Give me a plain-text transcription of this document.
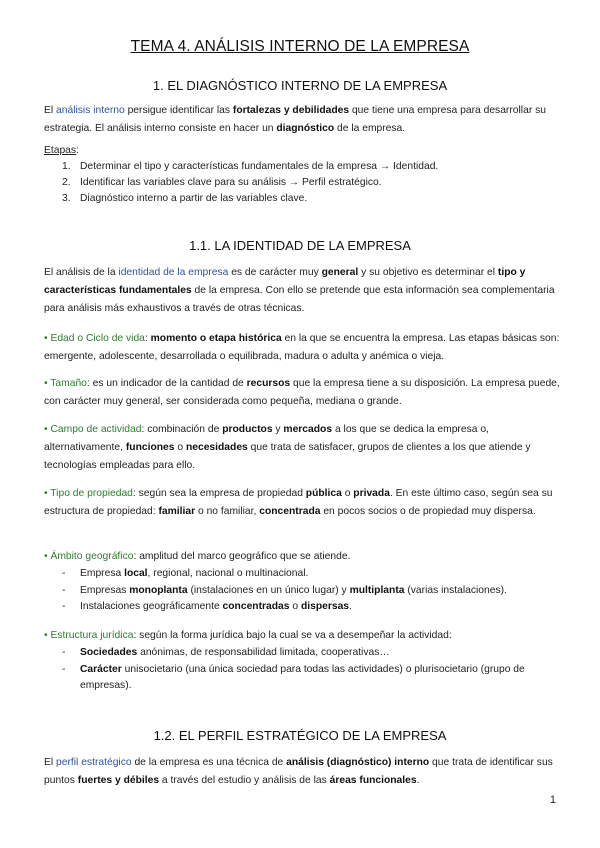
TEMA 4. ANÁLISIS INTERNO DE LA EMPRESA
1. EL DIAGNÓSTICO INTERNO DE LA EMPRESA
El análisis interno persigue identificar las fortalezas y debilidades que tiene una empresa para desarrollar su estrategia. El análisis interno consiste en hacer un diagnóstico de la empresa.
Etapas:
1. Determinar el tipo y características fundamentales de la empresa → Identidad.
2. Identificar las variables clave para su análisis → Perfil estratégico.
3. Diagnóstico interno a partir de las variables clave.
1.1. LA IDENTIDAD DE LA EMPRESA
El análisis de la identidad de la empresa es de carácter muy general y su objetivo es determinar el tipo y características fundamentales de la empresa. Con ello se pretende que esta información sea complementaria para análisis más exhaustivos a través de otras técnicas.
• Edad o Ciclo de vida: momento o etapa histórica en la que se encuentra la empresa. Las etapas básicas son: emergente, adolescente, desarrollada o equilibrada, madura o adulta y anémica o vieja.
• Tamaño: es un indicador de la cantidad de recursos que la empresa tiene a su disposición. La empresa puede, con carácter muy general, ser considerada como pequeña, mediana o grande.
• Campo de actividad: combinación de productos y mercados a los que se dedica la empresa o, alternativamente, funciones o necesidades que trata de satisfacer, grupos de clientes a los que atiende y tecnologías empleadas para ello.
• Tipo de propiedad: según sea la empresa de propiedad pública o privada. En este último caso, según sea su estructura de propiedad: familiar o no familiar, concentrada en pocos socios o de propiedad muy dispersa.
• Ámbito geográfico: amplitud del marco geográfico que se atiende.
- Empresa local, regional, nacional o multinacional.
- Empresas monoplanta (instalaciones en un único lugar) y multiplanta (varias instalaciones).
- Instalaciones geográficamente concentradas o dispersas.
• Estructura jurídica: según la forma jurídica bajo la cual se va a desempeñar la actividad:
- Sociedades anónimas, de responsabilidad limitada, cooperativas…
-	Carácter unisocietario (una única sociedad para todas las actividades) o plurisocietario (grupo de empresas).
1.2. EL PERFIL ESTRATÉGICO DE LA EMPRESA
El perfil estratégico de la empresa es una técnica de análisis (diagnóstico) interno que trata de identificar sus puntos fuertes y débiles a través del estudio y análisis de las áreas funcionales.
1
